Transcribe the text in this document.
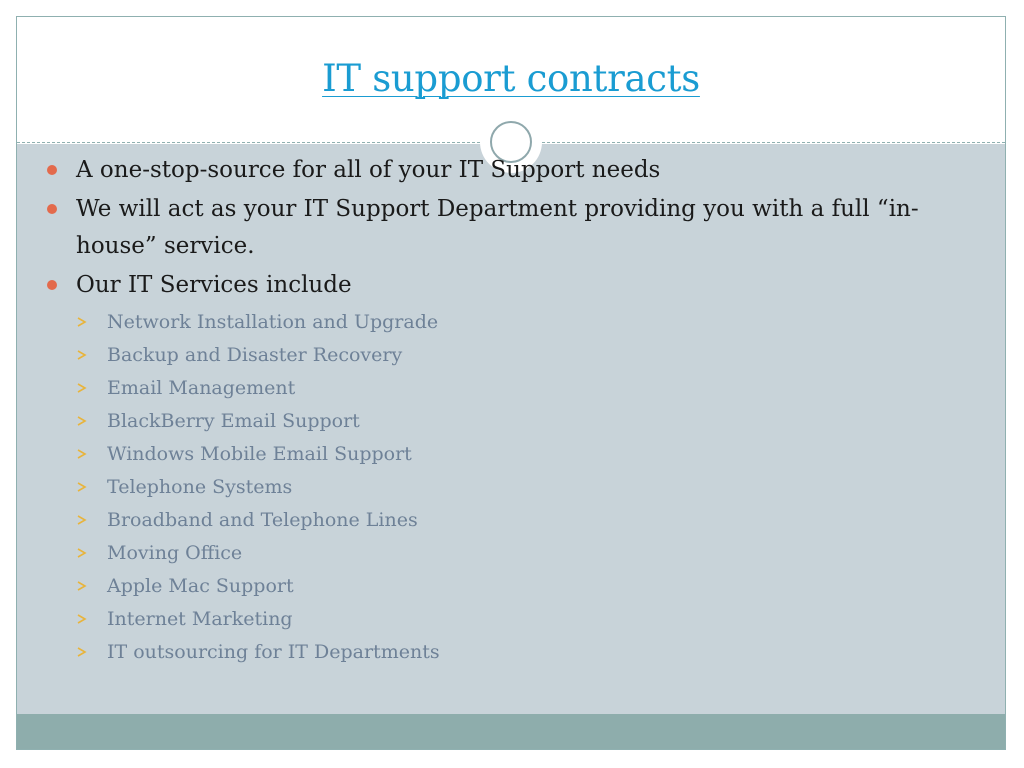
IT support contracts
A one-stop-source for all of your IT Support needs
We will act as your IT Support Department providing you with a full “in-house” service.
Our IT Services include
Network Installation and Upgrade
Backup and Disaster Recovery
Email Management
BlackBerry Email Support
Windows Mobile Email Support
Telephone Systems
Broadband and Telephone Lines
Moving Office
Apple Mac Support
Internet Marketing
IT outsourcing for IT Departments
